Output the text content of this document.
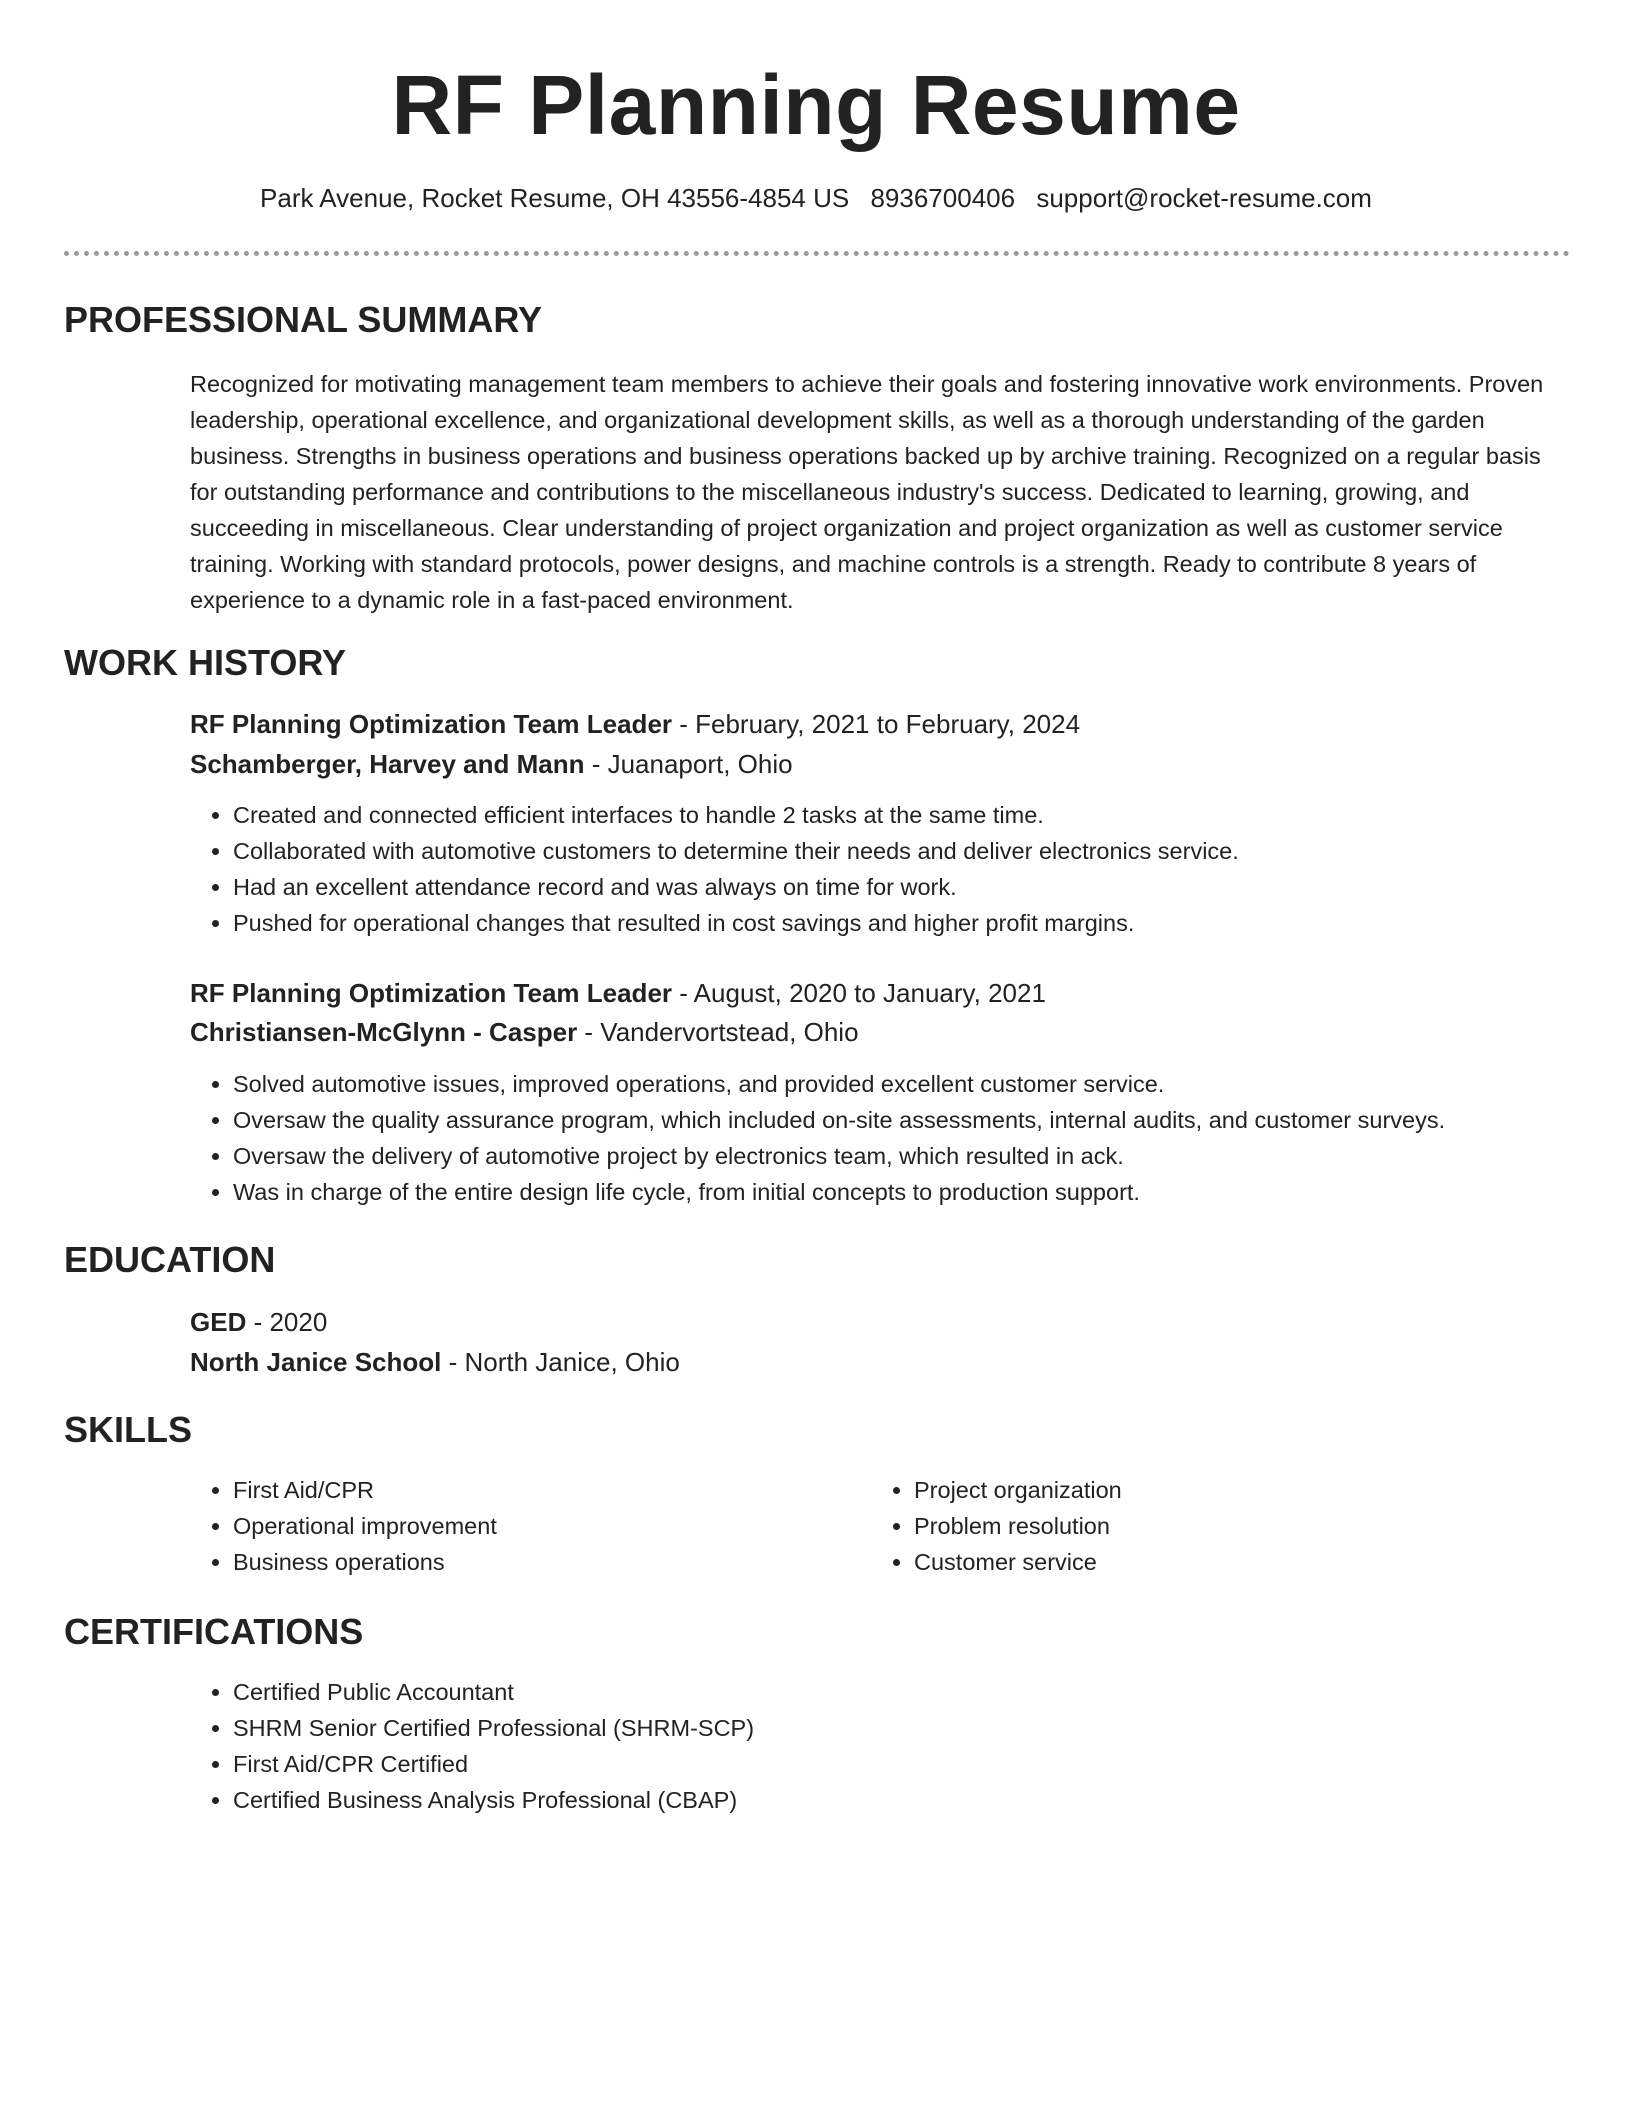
RF Planning Resume
Park Avenue, Rocket Resume, OH 43556-4854 US 8936700406 support@rocket-resume.com
PROFESSIONAL SUMMARY

Recognized for motivating management team members to achieve their goals and fostering innovative work environments. Proven leadership, operational excellence, and organizational development skills, as well as a thorough understanding of the garden business. Strengths in business operations and business operations backed up by archive training. Recognized on a regular basis for outstanding performance and contributions to the miscellaneous industry's success. Dedicated to learning, growing, and succeeding in miscellaneous. Clear understanding of project organization and project organization as well as customer service training. Working with standard protocols, power designs, and machine controls is a strength. Ready to contribute 8 years of experience to a dynamic role in a fast-paced environment.

WORK HISTORY
RF Planning Optimization Team Leader - February, 2021 to February, 2024
Schamberger, Harvey and Mann - Juanaport, Ohio
• Created and connected efficient interfaces to handle 2 tasks at the same time.
• Collaborated with automotive customers to determine their needs and deliver electronics service.
• Had an excellent attendance record and was always on time for work.
• Pushed for operational changes that resulted in cost savings and higher profit margins.
RF Planning Optimization Team Leader - August, 2020 to January, 2021
Christiansen-McGlynn - Casper - Vandervortstead, Ohio
• Solved automotive issues, improved operations, and provided excellent customer service.
• Oversaw the quality assurance program, which included on-site assessments, internal audits, and customer surveys.
• Oversaw the delivery of automotive project by electronics team, which resulted in ack.
• Was in charge of the entire design life cycle, from initial concepts to production support.
EDUCATION
GED - 2020
North Janice School - North Janice, Ohio
SKILLS
• First Aid/CPR
• Operational improvement
• Business operations
• Project organization
• Problem resolution
• Customer service
CERTIFICATIONS
• Certified Public Accountant
• SHRM Senior Certified Professional (SHRM-SCP)
• First Aid/CPR Certified
• Certified Business Analysis Professional (CBAP)
